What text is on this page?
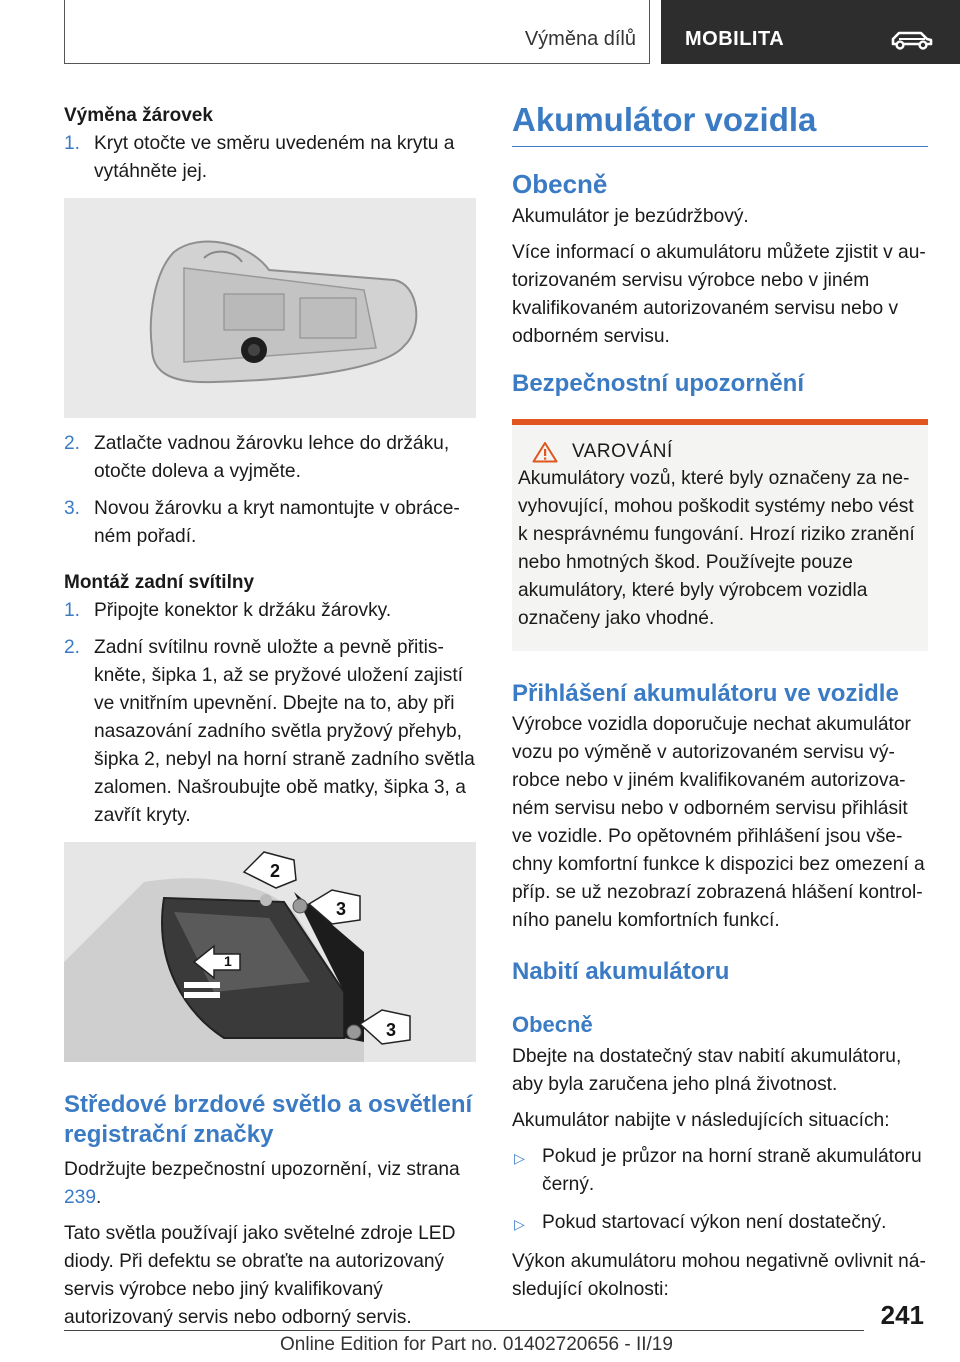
Výměna dílů MOBILITA
Výměna žárovek
1. Kryt otočte ve směru uvedeném na krytu a vytáhněte jej.
2. Zatlačte vadnou žárovku lehce do držáku, otočte doleva a vyjměte.
3. Novou žárovku a kryt namontujte v obráceném pořadí.
Montáž zadní svítilny
1. Připojte konektor k držáku žárovky.
2. Zadní svítilnu rovně uložte a pevně přitiskněte, šipka 1, až se pryžové uložení zajistí ve vnitřním upevnění. Dbejte na to, aby při nasazování zadního světla pryžový přehyb, šipka 2, nebyl na horní straně zadního světla zalomen. Našroubujte obě matky, šipka 3, a zavřít kryty.
2
3
1
3
Středové brzdové světlo a osvětlení registrační značky

Dodržujte bezpečnostní upozornění, viz strana 239.

Tato světla používají jako světelné zdroje LED diody. Při defektu se obraťte na autorizovaný servis výrobce nebo jiný kvalifikovaný autorizovaný servis nebo odborný servis.

Akumulátor vozidla
Obecně

Akumulátor je bezúdržbový.

Více informací o akumulátoru můžete zjistit v autorizovaném servisu výrobce nebo v jiném kvalifikovaném autorizovaném servisu nebo v odborném servisu.

Bezpečnostní upozornění
VAROVÁNÍ

Akumulátory vozů, které byly označeny za nevyhovující, mohou poškodit systémy nebo vést k nesprávnému fungování. Hrozí riziko zranění nebo hmotných škod. Používejte pouze akumulátory, které byly výrobcem vozidla označeny jako vhodné.

Přihlášení akumulátoru ve vozidle

Výrobce vozidla doporučuje nechat akumulátor vozu po výměně v autorizovaném servisu výrobce nebo v jiném kvalifikovaném autorizovaném servisu nebo v odborném servisu přihlásit ve vozidle. Po opětovném přihlášení jsou všechny komfortní funkce k dispozici bez omezení a příp. se už nezobrazí zobrazená hlášení kontrolního panelu komfortních funkcí.

Nabití akumulátoru
Obecně

Dbejte na dostatečný stav nabití akumulátoru, aby byla zaručena jeho plná životnost.

Akumulátor nabijte v následujících situacích:

▷ Pokud je průzor na horní straně akumulátoru černý.
▷ Pokud startovací výkon není dostatečný.

Výkon akumulátoru mohou negativně ovlivnit následující okolnosti:

241
Online Edition for Part no. 01402720656 - II/19
